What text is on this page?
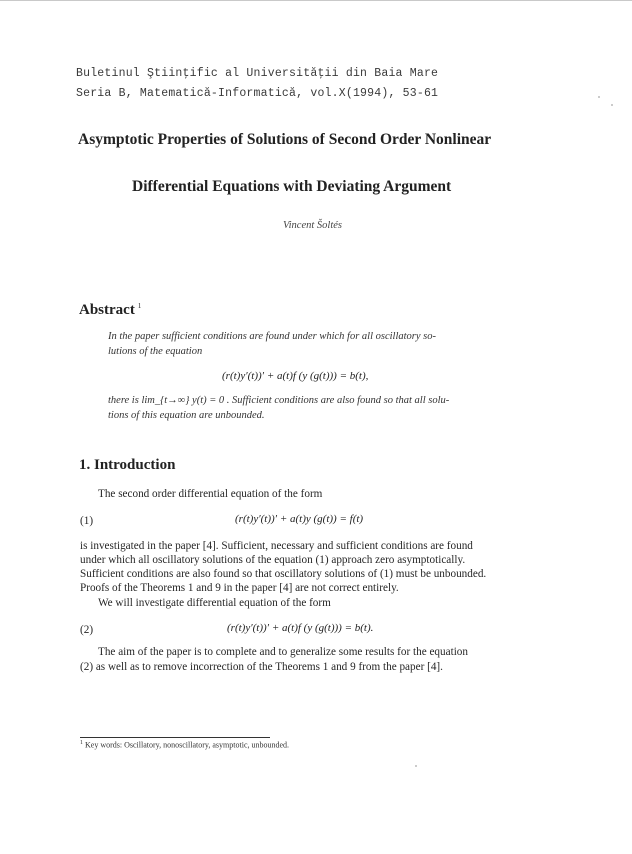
Buletinul Ştiinţific al Universităţii din Baia Mare
Seria B, Matematică-Informatică, vol.X(1994), 53-61
Asymptotic Properties of Solutions of Second Order Nonlinear
Differential Equations with Deviating Argument
Vincent Šoltés
Abstract $^1$
In the paper sufficient conditions are found under which for all oscillatory so-
lutions of the equation
(r(t)y′(t))′ + a(t)f (y (g(t))) = b(t),
there is lim_{t→∞} y(t) = 0 . Sufficient conditions are also found so that all solu-
tions of this equation are unbounded.
1. Introduction
The second order differential equation of the form
(1)	(r(t)y′(t))′ + a(t)y (g(t)) = f(t)
is investigated in the paper [4]. Sufficient, necessary and sufficient conditions are found
under which all oscillatory solutions of the equation (1) approach zero asymptotically.
Sufficient conditions are also found so that oscillatory solutions of (1) must be unbounded.
Proofs of the Theorems 1 and 9 in the paper [4] are not correct entirely.
We will investigate differential equation of the form
(2)	(r(t)y′(t))′ + a(t)f (y (g(t))) = b(t).
The aim of the paper is to complete and to generalize some results for the equation
(2) as well as to remove incorrection of the Theorems 1 and 9 from the paper [4].
$^1$ Key words: Oscillatory, nonoscillatory, asymptotic, unbounded.
